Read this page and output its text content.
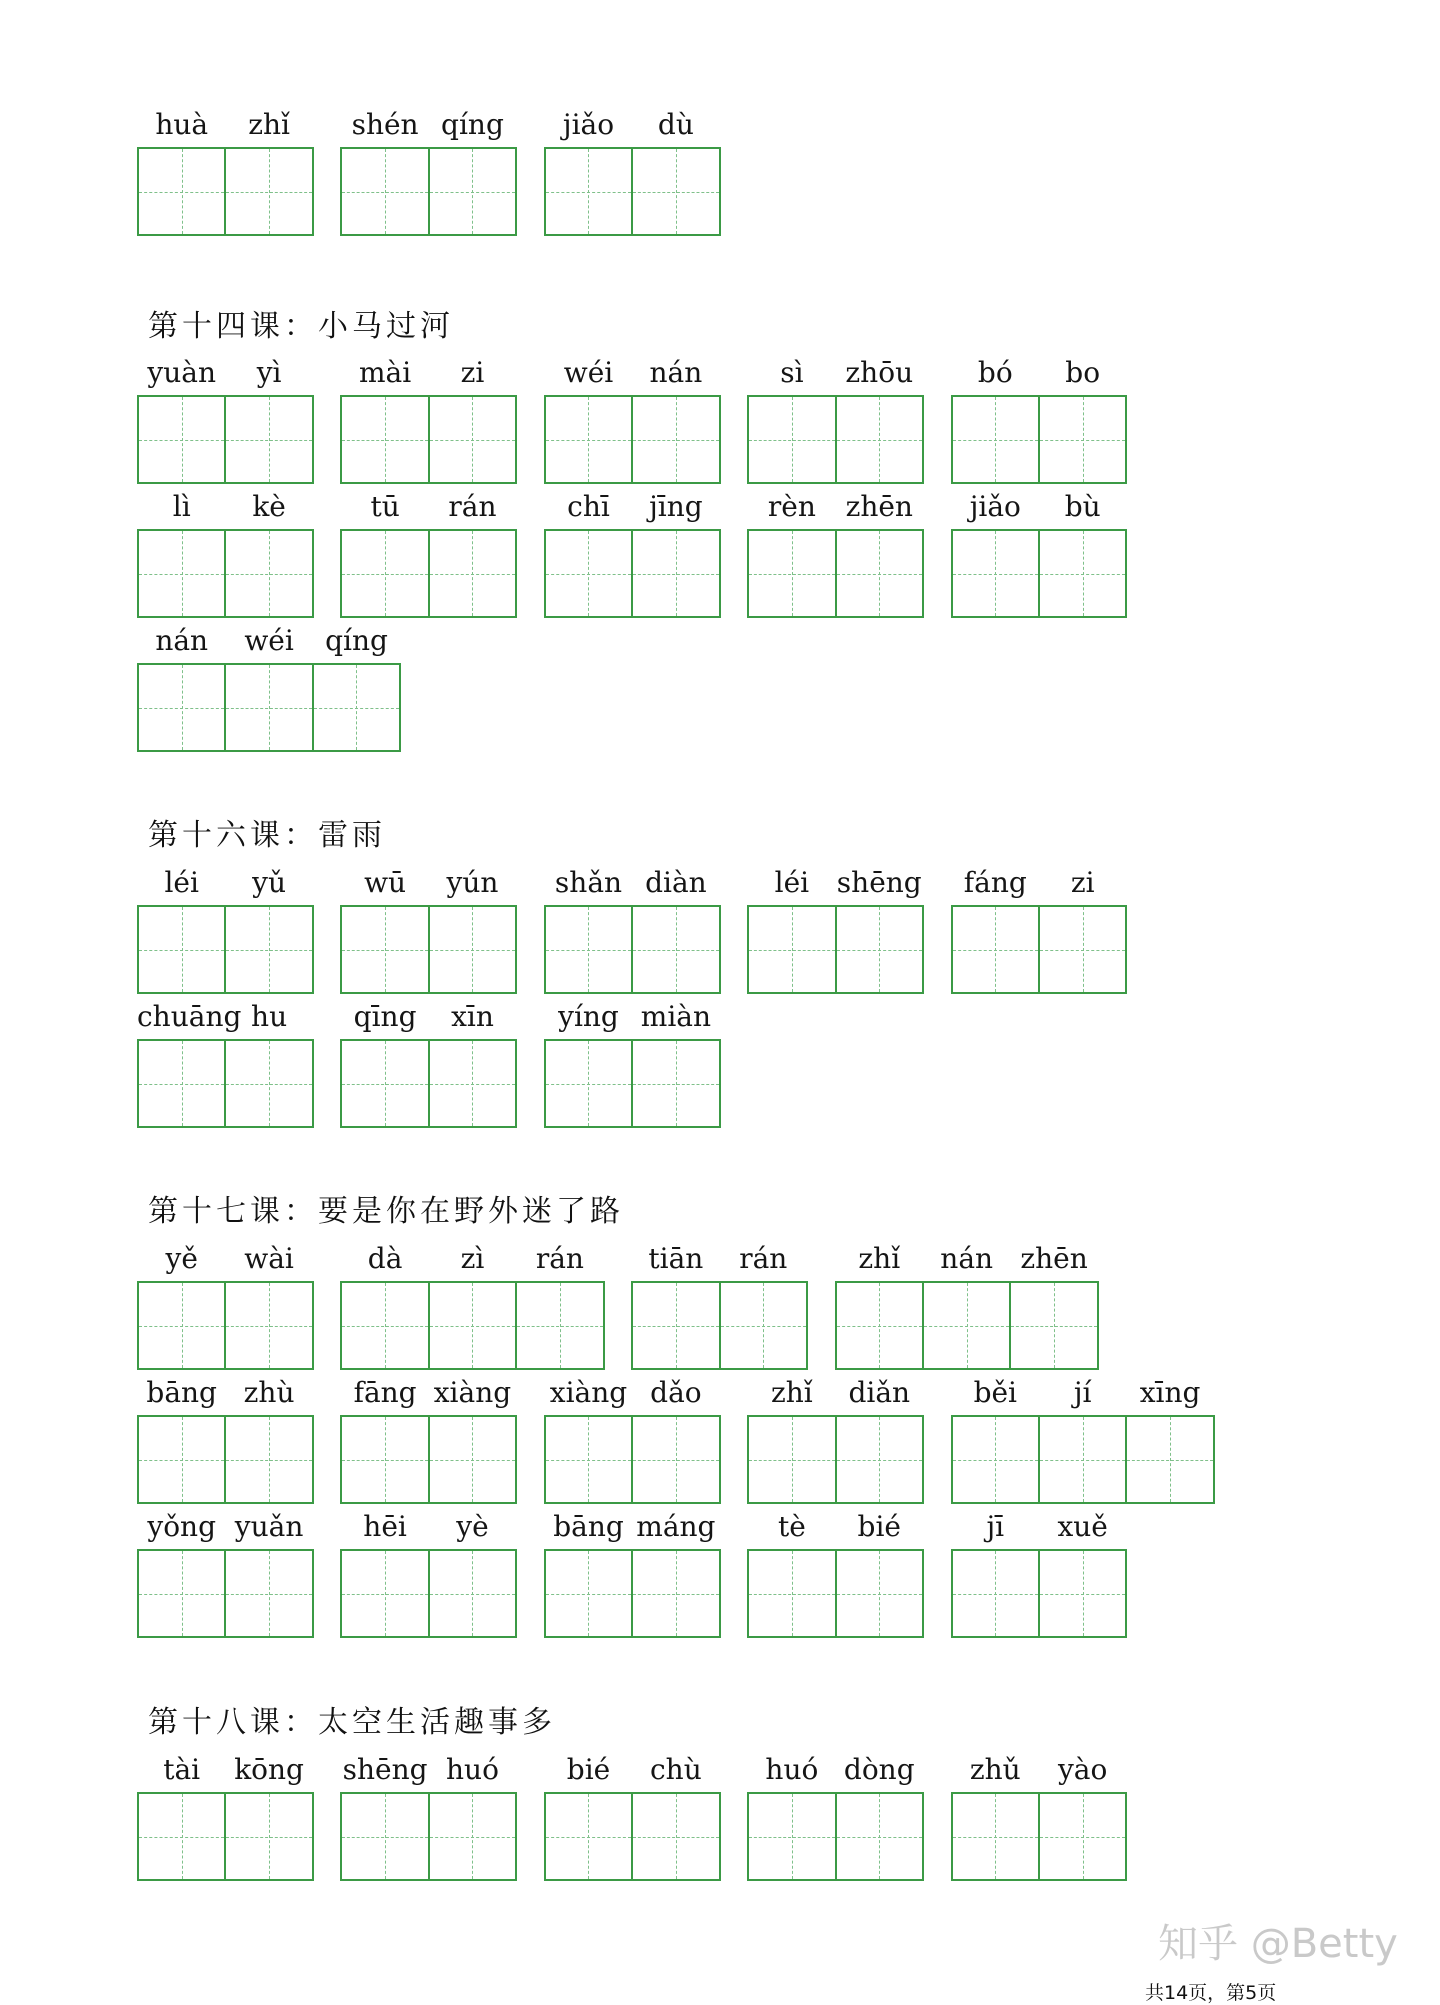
知乎 @Betty
共14页，第5页
huà	zhǐ	shén qíng	jiǎo	dù
第十四课：小马过河
yuàn	yì	mài	zi	wéi	nán	sì	zhōu	bó	bo
lì	kè	tū	rán	chī	jīng	rèn	zhēn	jiǎo	bù
nán	wéi	qíng
第十六课：雷雨
léi	yǔ	wū	yún	shǎn diàn	léi shēng	fáng	zi
chuāng hu	qīng	xīn	yíng miàn
第十七课：要是你在野外迷了路
yě	wài	dà	zì	rán	tiān	rán	zhǐ	nán zhēn
bāng zhù	fāng xiàng xiàng dǎo	zhǐ	diǎn	běi	jí	xīng
yǒng yuǎn	hēi	yè	bāng máng	tè	bié	jī	xuě
第十八课：太空生活趣事多
tài	kōng	shēng huó	bié	chù	huó dòng	zhǔ	yào
